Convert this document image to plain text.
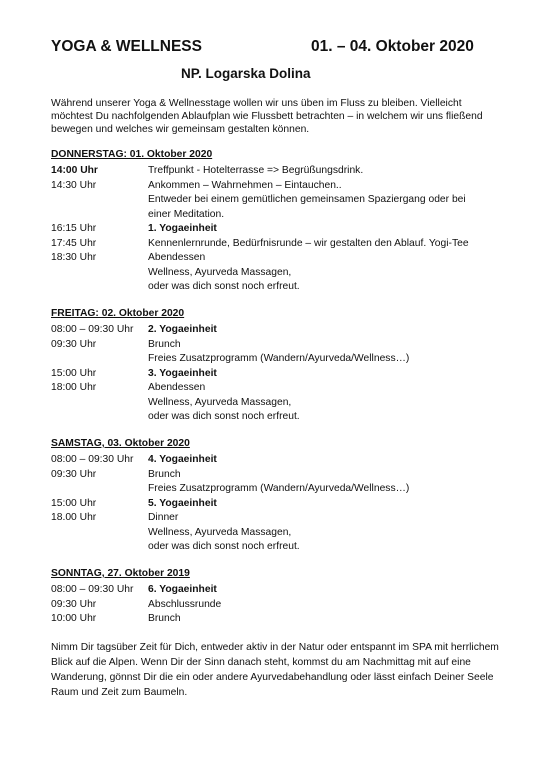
YOGA & WELLNESS	01. – 04. Oktober 2020
NP. Logarska Dolina
Während unserer Yoga & Wellnesstage wollen wir uns üben im Fluss zu bleiben. Vielleicht möchtest Du nachfolgenden Ablaufplan wie Flussbett betrachten – in welchem wir uns fließend bewegen und welches wir gemeinsam gestalten können.
DONNERSTAG: 01. Oktober 2020
14:00 Uhr	Treffpunkt - Hotelterrasse => Begrüßungsdrink.
14:30 Uhr	Ankommen – Wahrnehmen – Eintauchen..
Entweder bei einem gemütlichen gemeinsamen Spaziergang oder bei
einer Meditation.
16:15 Uhr	1. Yogaeinheit
17:45 Uhr	Kennenlernrunde, Bedürfnisrunde – wir gestalten den Ablauf. Yogi-Tee
18:30 Uhr	Abendessen
Wellness, Ayurveda Massagen,
oder was dich sonst noch erfreut.
FREITAG: 02. Oktober 2020
08:00 – 09:30 Uhr	2. Yogaeinheit
09:30 Uhr	Brunch
Freies Zusatzprogramm (Wandern/Ayurveda/Wellness…)
15:00 Uhr	3. Yogaeinheit
18:00 Uhr	Abendessen
Wellness, Ayurveda Massagen,
oder was dich sonst noch erfreut.
SAMSTAG, 03. Oktober 2020
08:00 – 09:30 Uhr	4. Yogaeinheit
09:30 Uhr	Brunch
Freies Zusatzprogramm (Wandern/Ayurveda/Wellness…)
15:00 Uhr	5. Yogaeinheit
18.00 Uhr	Dinner
Wellness, Ayurveda Massagen,
oder was dich sonst noch erfreut.
SONNTAG, 27. Oktober 2019
08:00 – 09:30 Uhr	6. Yogaeinheit
09:30 Uhr	Abschlussrunde
10:00 Uhr	Brunch
Nimm Dir tagsüber Zeit für Dich, entweder aktiv in der Natur oder entspannt im SPA mit herrlichem Blick auf die Alpen. Wenn Dir der Sinn danach steht, kommst du am Nachmittag mit auf eine Wanderung, gönnst Dir die ein oder andere Ayurvedabehandlung oder lässt einfach Deiner Seele Raum und Zeit zum Baumeln.
